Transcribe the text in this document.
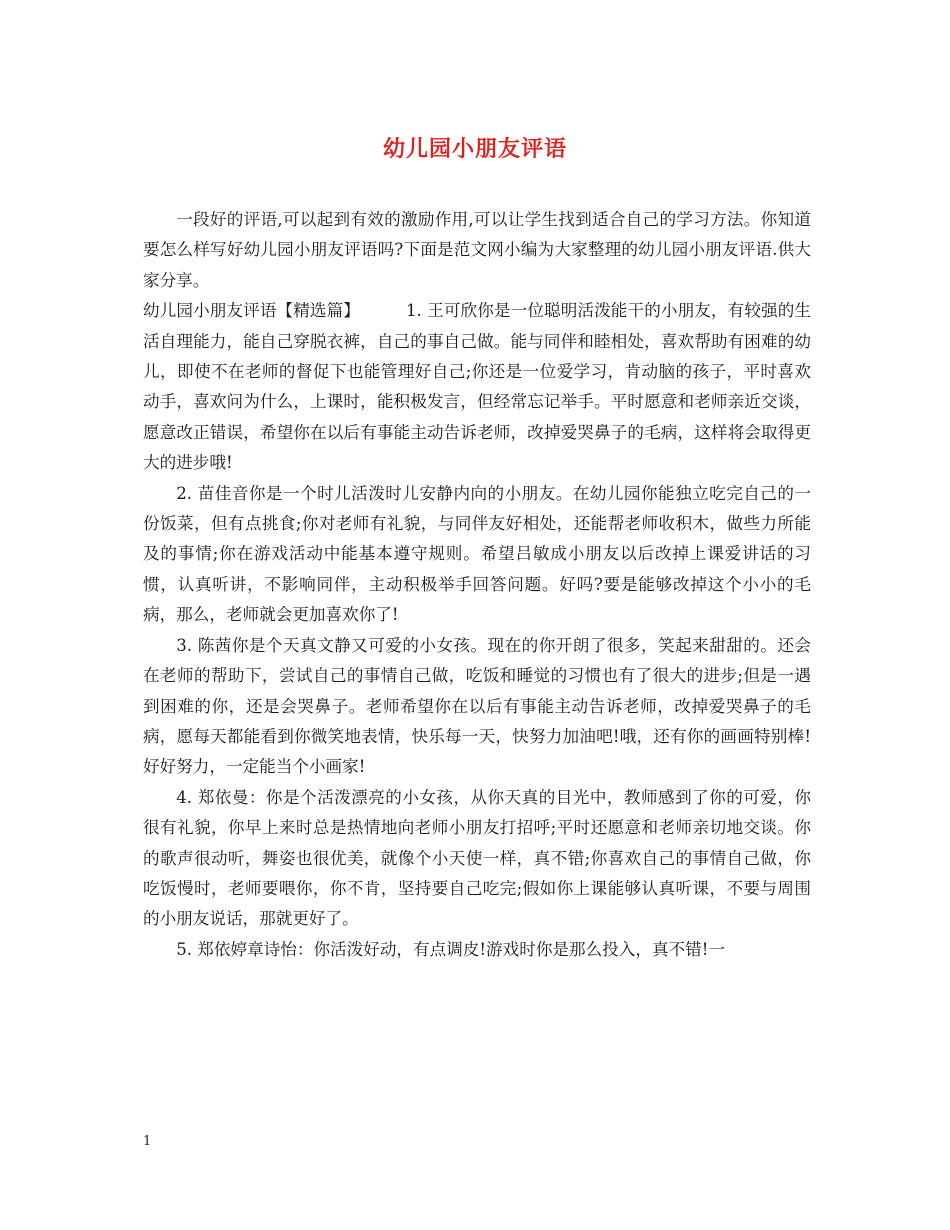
幼儿园小朋友评语

一段好的评语,可以起到有效的激励作用,可以让学生找到适合自己的学习方法。你知道要怎么样写好幼儿园小朋友评语吗?下面是范文网小编为大家整理的幼儿园小朋友评语.供大家分享。

幼儿园小朋友评语【精选篇】	1. 王可欣你是一位聪明活泼能干的小朋友，有较强的生活自理能力，能自己穿脱衣裤，自己的事自己做。能与同伴和睦相处，喜欢帮助有困难的幼儿，即使不在老师的督促下也能管理好自己;你还是一位爱学习，肯动脑的孩子，平时喜欢动手，喜欢问为什么，上课时，能积极发言，但经常忘记举手。平时愿意和老师亲近交谈，愿意改正错误，希望你在以后有事能主动告诉老师，改掉爱哭鼻子的毛病，这样将会取得更大的进步哦!

2. 苗佳音你是一个时儿活泼时儿安静内向的小朋友。在幼儿园你能独立吃完自己的一份饭菜，但有点挑食;你对老师有礼貌，与同伴友好相处，还能帮老师收积木，做些力所能及的事情;你在游戏活动中能基本遵守规则。希望吕敏成小朋友以后改掉上课爱讲话的习惯，认真听讲，不影响同伴，主动积极举手回答问题。好吗?要是能够改掉这个小小的毛病，那么，老师就会更加喜欢你了!

3. 陈茜你是个天真文静又可爱的小女孩。现在的你开朗了很多，笑起来甜甜的。还会在老师的帮助下，尝试自己的事情自己做，吃饭和睡觉的习惯也有了很大的进步;但是一遇到困难的你，还是会哭鼻子。老师希望你在以后有事能主动告诉老师，改掉爱哭鼻子的毛病，愿每天都能看到你微笑地表情，快乐每一天，快努力加油吧!哦，还有你的画画特别棒!好好努力，一定能当个小画家!

4. 郑依曼：你是个活泼漂亮的小女孩，从你天真的目光中，教师感到了你的可爱，你很有礼貌，你早上来时总是热情地向老师小朋友打招呼;平时还愿意和老师亲切地交谈。你的歌声很动听，舞姿也很优美，就像个小天使一样，真不错;你喜欢自己的事情自己做，你吃饭慢时，老师要喂你，你不肯，坚持要自己吃完;假如你上课能够认真听课，不要与周围的小朋友说话，那就更好了。

5. 郑依婷章诗怡：你活泼好动，有点调皮!游戏时你是那么投入，真不错!一

1
